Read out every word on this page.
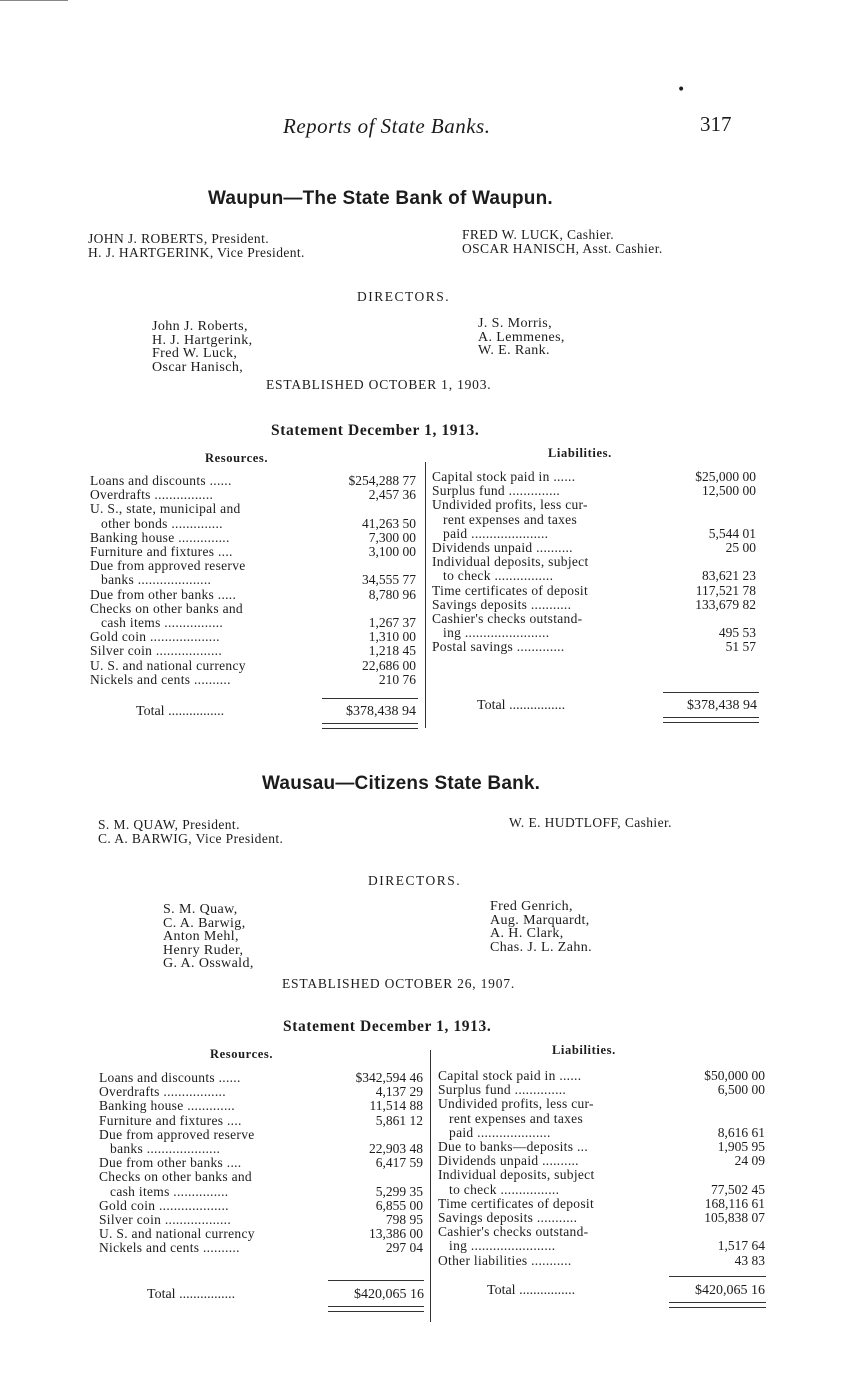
Reports of State Banks.	317
Waupun—The State Bank of Waupun.
JOHN J. ROBERTS, President.
H. J. HARTGERINK, Vice President.
FRED W. LUCK, Cashier.
OSCAR HANISCH, Asst. Cashier.
DIRECTORS.
John J. Roberts,
H. J. Hartgerink,
Fred W. Luck,
Oscar Hanisch,
J. S. Morris,
A. Lemmenes,
W. E. Rank.
ESTABLISHED OCTOBER 1, 1903.
Statement December 1, 1913.
Resources.	Liabilities.
Loans and discounts ......	$254,288 77
Overdrafts ................	2,457 36
U. S., state, municipal and
other bonds ..............	41,263 50
Banking house ..............	7,300 00
Furniture and fixtures ....	3,100 00
Due from approved reserve
banks ....................	34,555 77
Due from other banks .....	8,780 96
Checks on other banks and
cash items ................	1,267 37
Gold coin ...................	1,310 00
Silver coin ..................	1,218 45
U. S. and national currency	22,686 00
Nickels and cents ..........	210 76
Total ................	$378,438 94
Capital stock paid in ......	$25,000 00
Surplus fund ..............	12,500 00
Undivided profits, less cur-
rent expenses and taxes
paid .....................	5,544 01
Dividends unpaid ..........	25 00
Individual deposits, subject
to check ................	83,621 23
Time certificates of deposit	117,521 78
Savings deposits ...........	133,679 82
Cashier's checks outstand-
ing .......................	495 53
Postal savings .............	51 57
Total ................	$378,438 94
Wausau—Citizens State Bank.
S. M. QUAW, President.
C. A. BARWIG, Vice President.
W. E. HUDTLOFF, Cashier.
DIRECTORS.
S. M. Quaw,
C. A. Barwig,
Anton Mehl,
Henry Ruder,
G. A. Osswald,
Fred Genrich,
Aug. Marquardt,
A. H. Clark,
Chas. J. L. Zahn.
ESTABLISHED OCTOBER 26, 1907.
Statement December 1, 1913.
Resources.	Liabilities.
Loans and discounts ......	$342,594 46
Overdrafts .................	4,137 29
Banking house .............	11,514 88
Furniture and fixtures ....	5,861 12
Due from approved reserve
banks ....................	22,903 48
Due from other banks ....	6,417 59
Checks on other banks and
cash items ...............	5,299 35
Gold coin ...................	6,855 00
Silver coin ..................	798 95
U. S. and national currency	13,386 00
Nickels and cents ..........	297 04
Total ................	$420,065 16
Capital stock paid in ......	$50,000 00
Surplus fund ..............	6,500 00
Undivided profits, less cur-
rent expenses and taxes
paid ....................	8,616 61
Due to banks—deposits ...	1,905 95
Dividends unpaid ..........	24 09
Individual deposits, subject
to check ................	77,502 45
Time certificates of deposit	168,116 61
Savings deposits ...........	105,838 07
Cashier's checks outstand-
ing .......................	1,517 64
Other liabilities ...........	43 83
Total ................	$420,065 16
•
